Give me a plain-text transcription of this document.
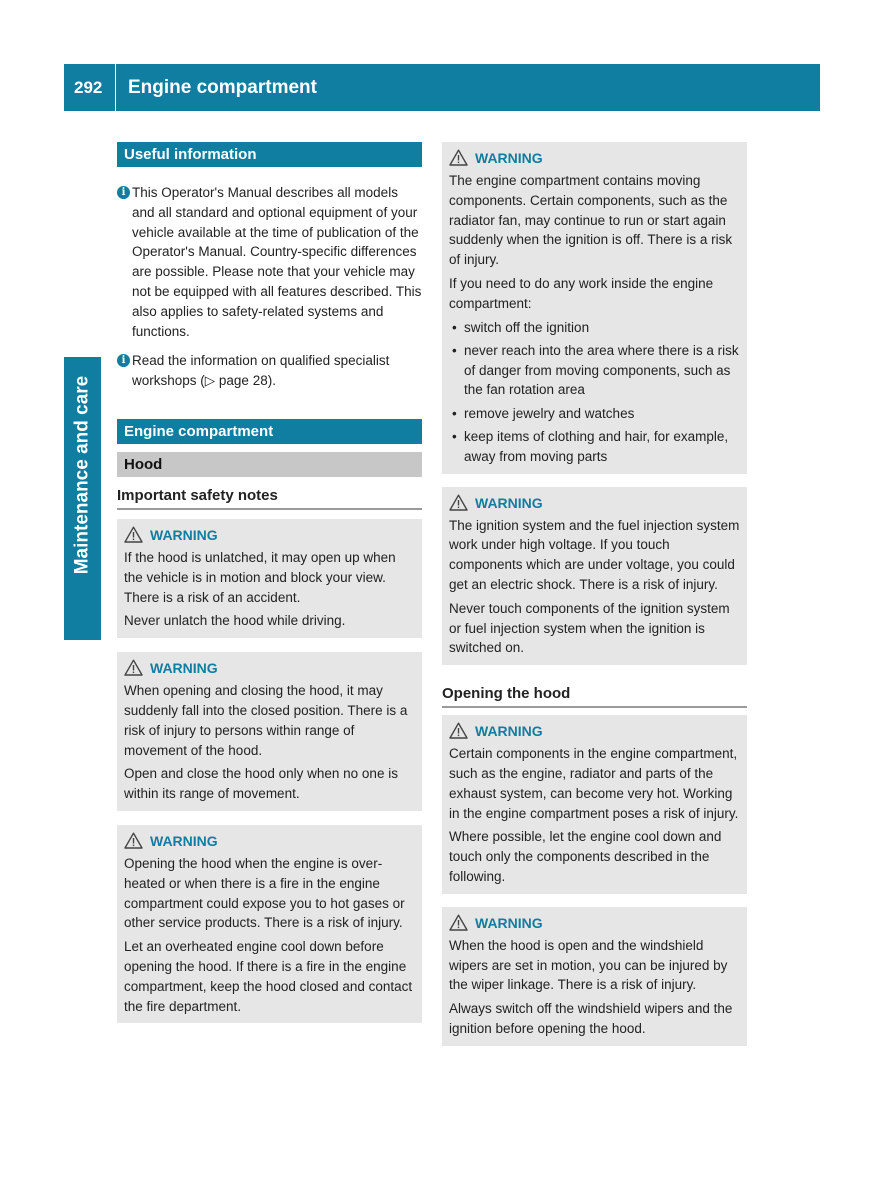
292	Engine compartment
Maintenance and care
Useful information
i This Operator's Manual describes all models and all standard and optional equipment of your vehicle available at the time of publication of the Operator's Manual. Country-specific differences are possible. Please note that your vehicle may not be equipped with all features described. This also applies to safety-related systems and functions.

i Read the information on qualified specialist workshops (▷ page 28).

Engine compartment
Hood
Important safety notes
WARNING

If the hood is unlatched, it may open up when the vehicle is in motion and block your view. There is a risk of an accident.

Never unlatch the hood while driving.

WARNING

When opening and closing the hood, it may suddenly fall into the closed position. There is a risk of injury to persons within range of movement of the hood.

Open and close the hood only when no one is within its range of movement.

WARNING

Opening the hood when the engine is overheated or when there is a fire in the engine compartment could expose you to hot gases or other service products. There is a risk of injury.

Let an overheated engine cool down before opening the hood. If there is a fire in the engine compartment, keep the hood closed and contact the fire department.

WARNING

The engine compartment contains moving components. Certain components, such as the radiator fan, may continue to run or start again suddenly when the ignition is off. There is a risk of injury.

If you need to do any work inside the engine compartment:

• switch off the ignition
• never reach into the area where there is a risk of danger from moving components, such as the fan rotation area
• remove jewelry and watches
• keep items of clothing and hair, for example, away from moving parts
WARNING

The ignition system and the fuel injection system work under high voltage. If you touch components which are under voltage, you could get an electric shock. There is a risk of injury.

Never touch components of the ignition system or fuel injection system when the ignition is switched on.

Opening the hood
WARNING

Certain components in the engine compartment, such as the engine, radiator and parts of the exhaust system, can become very hot. Working in the engine compartment poses a risk of injury.

Where possible, let the engine cool down and touch only the components described in the following.

WARNING

When the hood is open and the windshield wipers are set in motion, you can be injured by the wiper linkage. There is a risk of injury.

Always switch off the windshield wipers and the ignition before opening the hood.
